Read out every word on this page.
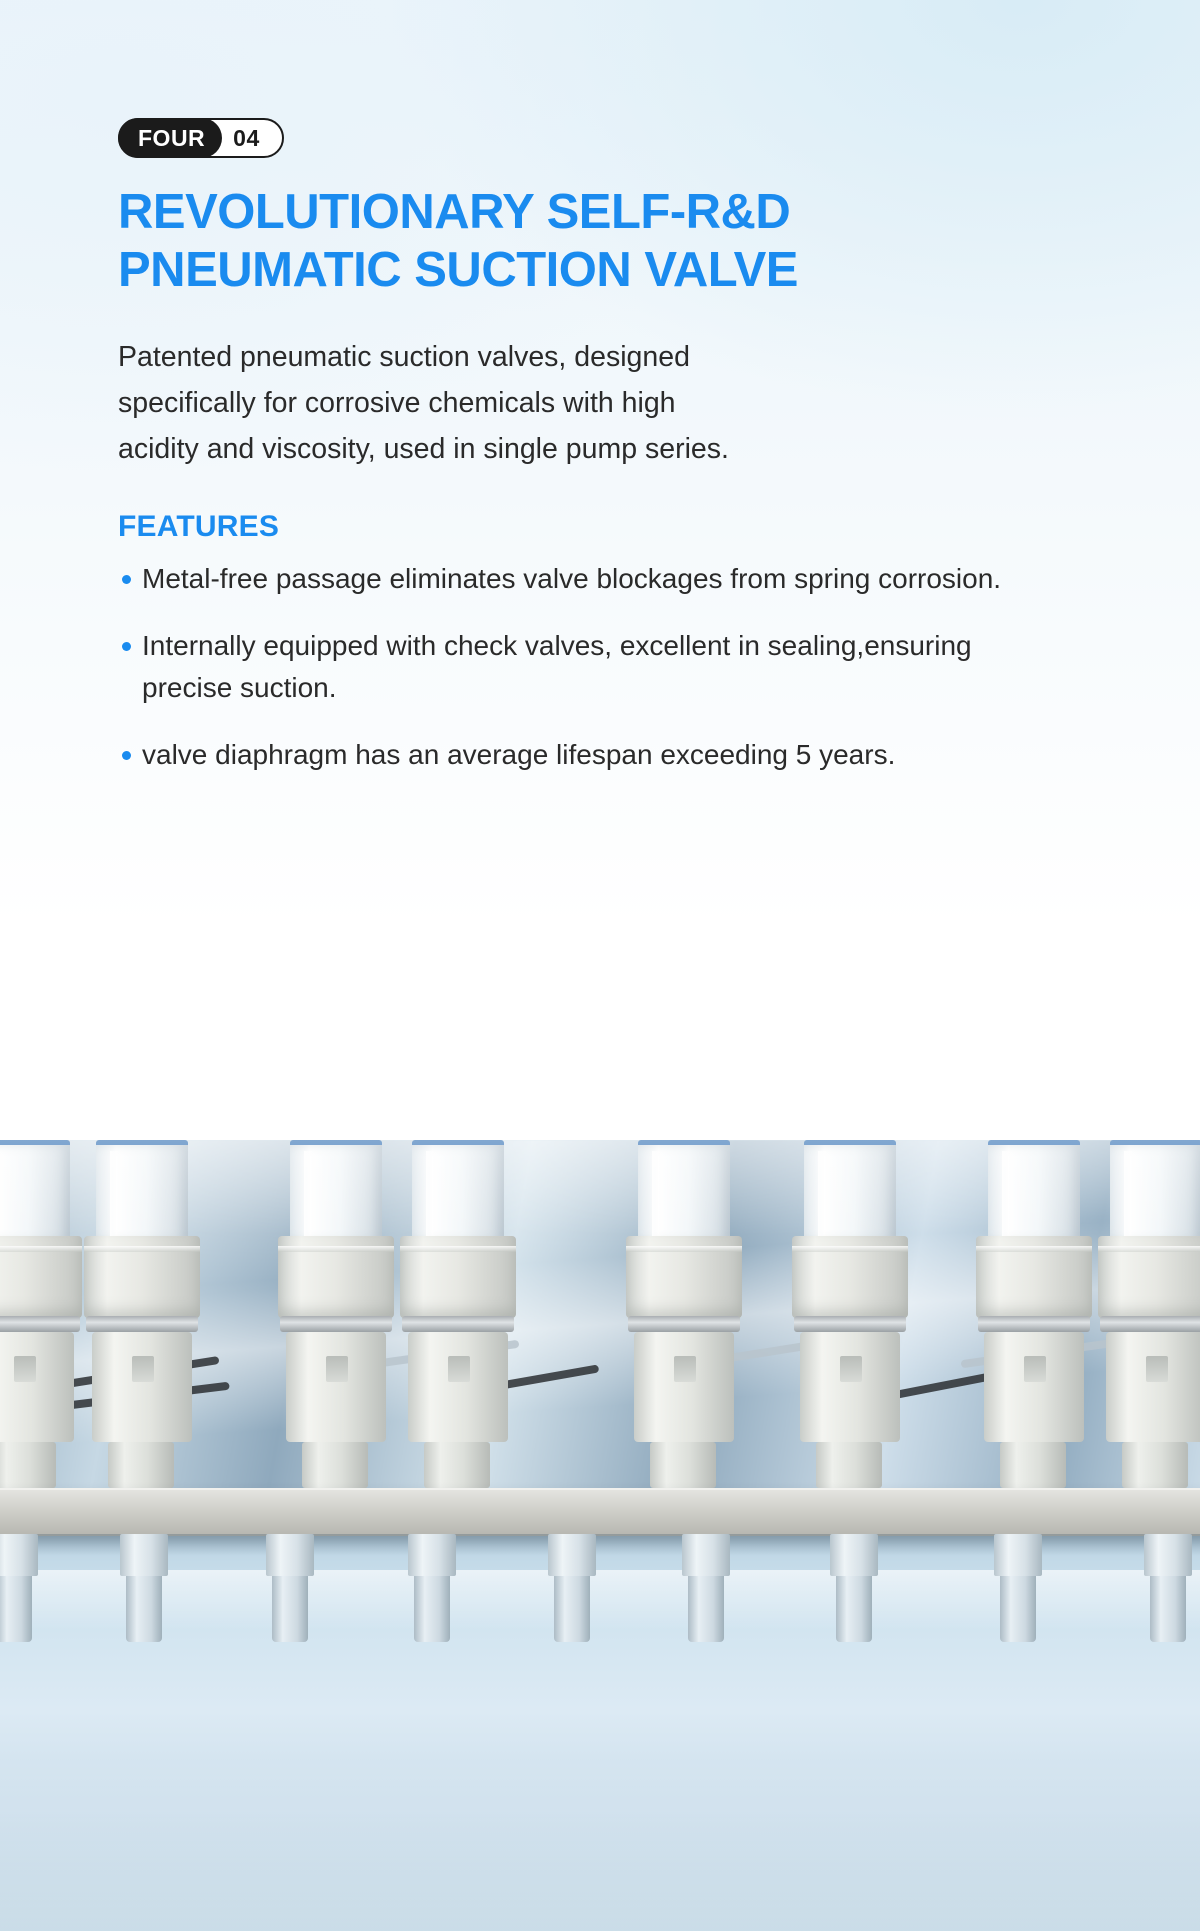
FOUR	04
REVOLUTIONARY SELF-R&D
PNEUMATIC SUCTION VALVE

Patented pneumatic suction valves, designed
specifically for corrosive chemicals with high
acidity and viscosity, used in single pump series.

FEATURES
Metal-free passage eliminates valve blockages from spring corrosion.
Internally equipped with check valves, excellent in sealing,ensuring precise suction.
valve diaphragm has an average lifespan exceeding 5 years.
